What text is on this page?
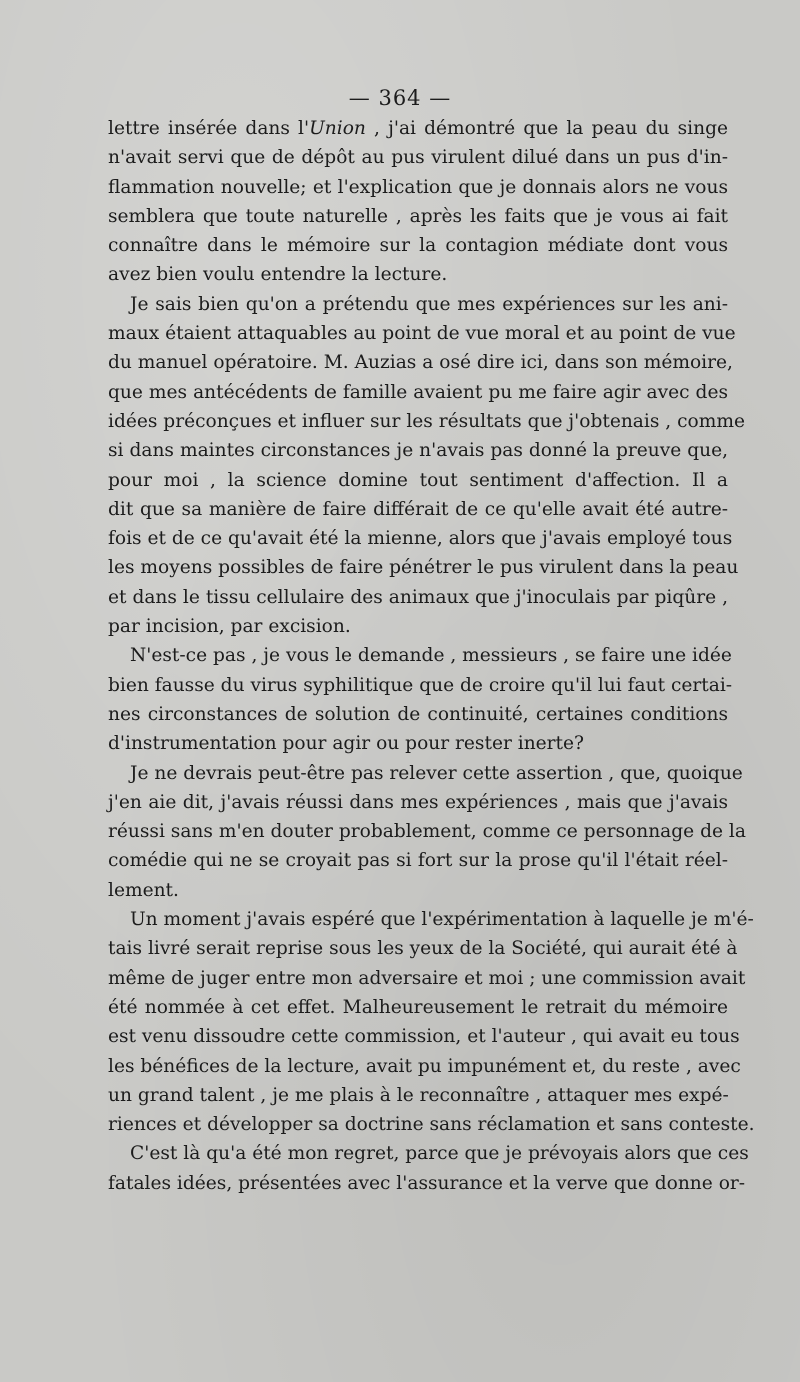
— 364 —

lettre insérée dans l'Union , j'ai démontré que la peau du singe
n'avait servi que de dépôt au pus virulent dilué dans un pus d'in-
flammation nouvelle; et l'explication que je donnais alors ne vous
semblera que toute naturelle , après les faits que je vous ai fait
connaître dans le mémoire sur la contagion médiate dont vous
avez bien voulu entendre la lecture.

Je sais bien qu'on a prétendu que mes expériences sur les ani-
maux étaient attaquables au point de vue moral et au point de vue
du manuel opératoire. M. Auzias a osé dire ici, dans son mémoire,
que mes antécédents de famille avaient pu me faire agir avec des
idées préconçues et influer sur les résultats que j'obtenais , comme
si dans maintes circonstances je n'avais pas donné la preuve que,
pour moi , la science domine tout sentiment d'affection. Il a
dit que sa manière de faire différait de ce qu'elle avait été autre-
fois et de ce qu'avait été la mienne, alors que j'avais employé tous
les moyens possibles de faire pénétrer le pus virulent dans la peau
et dans le tissu cellulaire des animaux que j'inoculais par piqûre ,
par incision, par excision.

N'est-ce pas , je vous le demande , messieurs , se faire une idée
bien fausse du virus syphilitique que de croire qu'il lui faut certai-
nes circonstances de solution de continuité, certaines conditions
d'instrumentation pour agir ou pour rester inerte?

Je ne devrais peut-être pas relever cette assertion , que, quoique
j'en aie dit, j'avais réussi dans mes expériences , mais que j'avais
réussi sans m'en douter probablement, comme ce personnage de la
comédie qui ne se croyait pas si fort sur la prose qu'il l'était réel-
lement.

Un moment j'avais espéré que l'expérimentation à laquelle je m'é-
tais livré serait reprise sous les yeux de la Société, qui aurait été à
même de juger entre mon adversaire et moi ; une commission avait
été nommée à cet effet. Malheureusement le retrait du mémoire
est venu dissoudre cette commission, et l'auteur , qui avait eu tous
les bénéfices de la lecture, avait pu impunément et, du reste , avec
un grand talent , je me plais à le reconnaître , attaquer mes expé-
riences et développer sa doctrine sans réclamation et sans conteste.

C'est là qu'a été mon regret, parce que je prévoyais alors que ces
fatales idées, présentées avec l'assurance et la verve que donne or-
